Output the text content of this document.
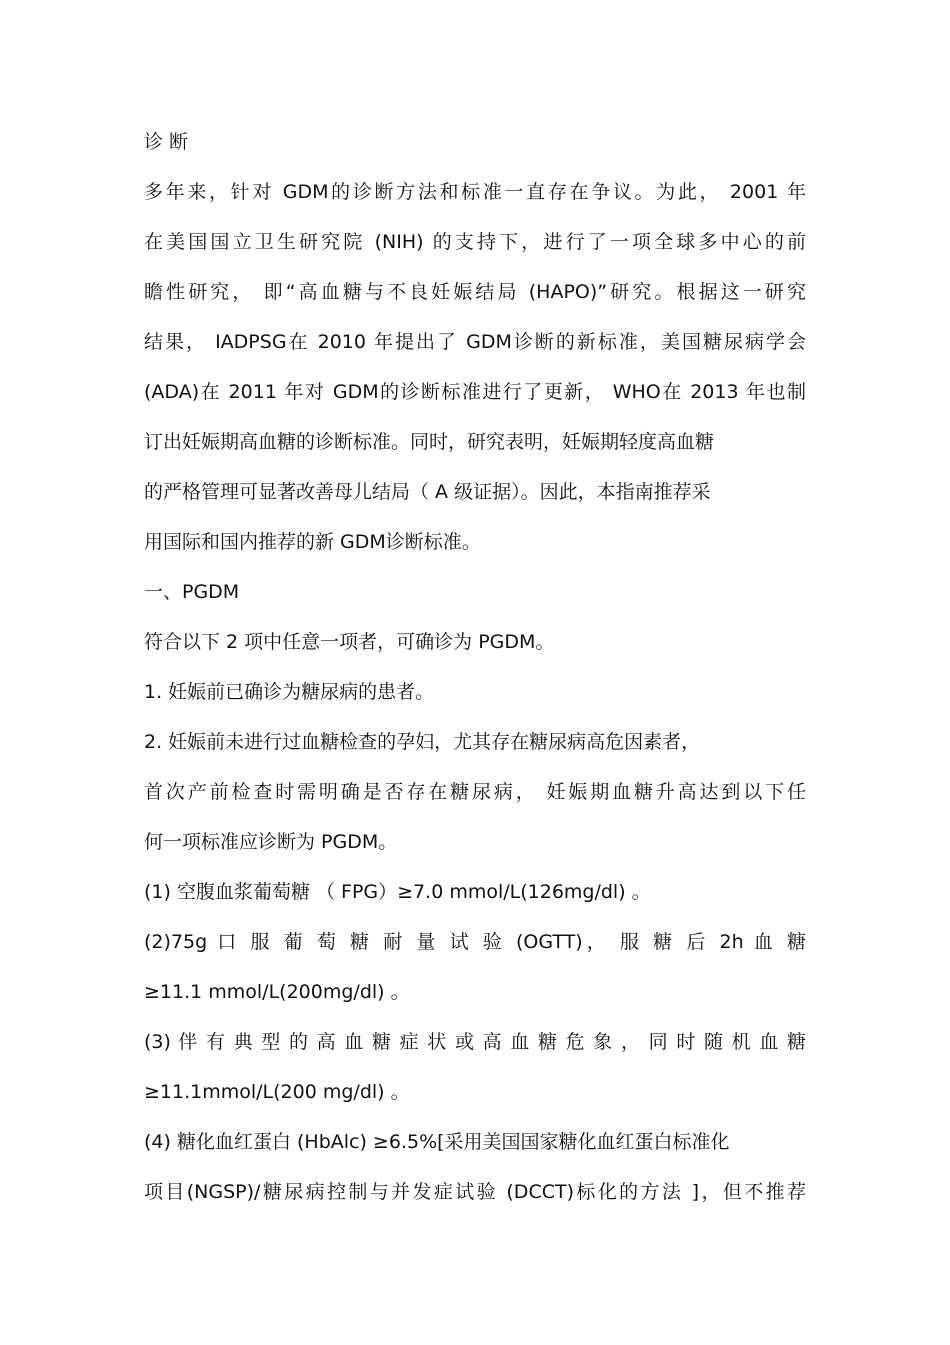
诊 断
多年来，针对 GDM的诊断方法和标准一直存在争议。为此， 2001 年
在美国国立卫生研究院 (NIH) 的支持下，进行了一项全球多中心的前
瞻性研究， 即“高血糖与不良妊娠结局 (HAPO)”研究。根据这一研究
结果， IADPSG在 2010 年提出了 GDM诊断的新标准，美国糖尿病学会
(ADA)在 2011 年对 GDM的诊断标准进行了更新， WHO在 2013 年也制
订出妊娠期高血糖的诊断标准。同时，研究表明，妊娠期轻度高血糖
的严格管理可显著改善母儿结局（ A 级证据）。因此，本指南推荐采
用国际和国内推荐的新 GDM诊断标准。
一、PGDM
符合以下 2 项中任意一项者，可确诊为 PGDM。
1. 妊娠前已确诊为糖尿病的患者。
2. 妊娠前未进行过血糖检查的孕妇，尤其存在糖尿病高危因素者，
首次产前检查时需明确是否存在糖尿病， 妊娠期血糖升高达到以下任
何一项标准应诊断为 PGDM。
(1) 空腹血浆葡萄糖 （ FPG）≥7.0 mmol/L(126mg/dl) 。
(2)75g 口 服 葡 萄 糖 耐 量 试 验 (OGTT)， 服 糖 后 2h 血 糖
≥11.1 mmol/L(200mg/dl) 。
(3) 伴 有 典 型 的 高 血 糖 症 状 或 高 血 糖 危 象 ， 同 时 随 机 血 糖
≥11.1mmol/L(200 mg/dl) 。
(4) 糖化血红蛋白 (HbAlc) ≥6.5%[采用美国国家糖化血红蛋白标准化
项目(NGSP)/糖尿病控制与并发症试验 (DCCT)标化的方法 ]，但不推荐
